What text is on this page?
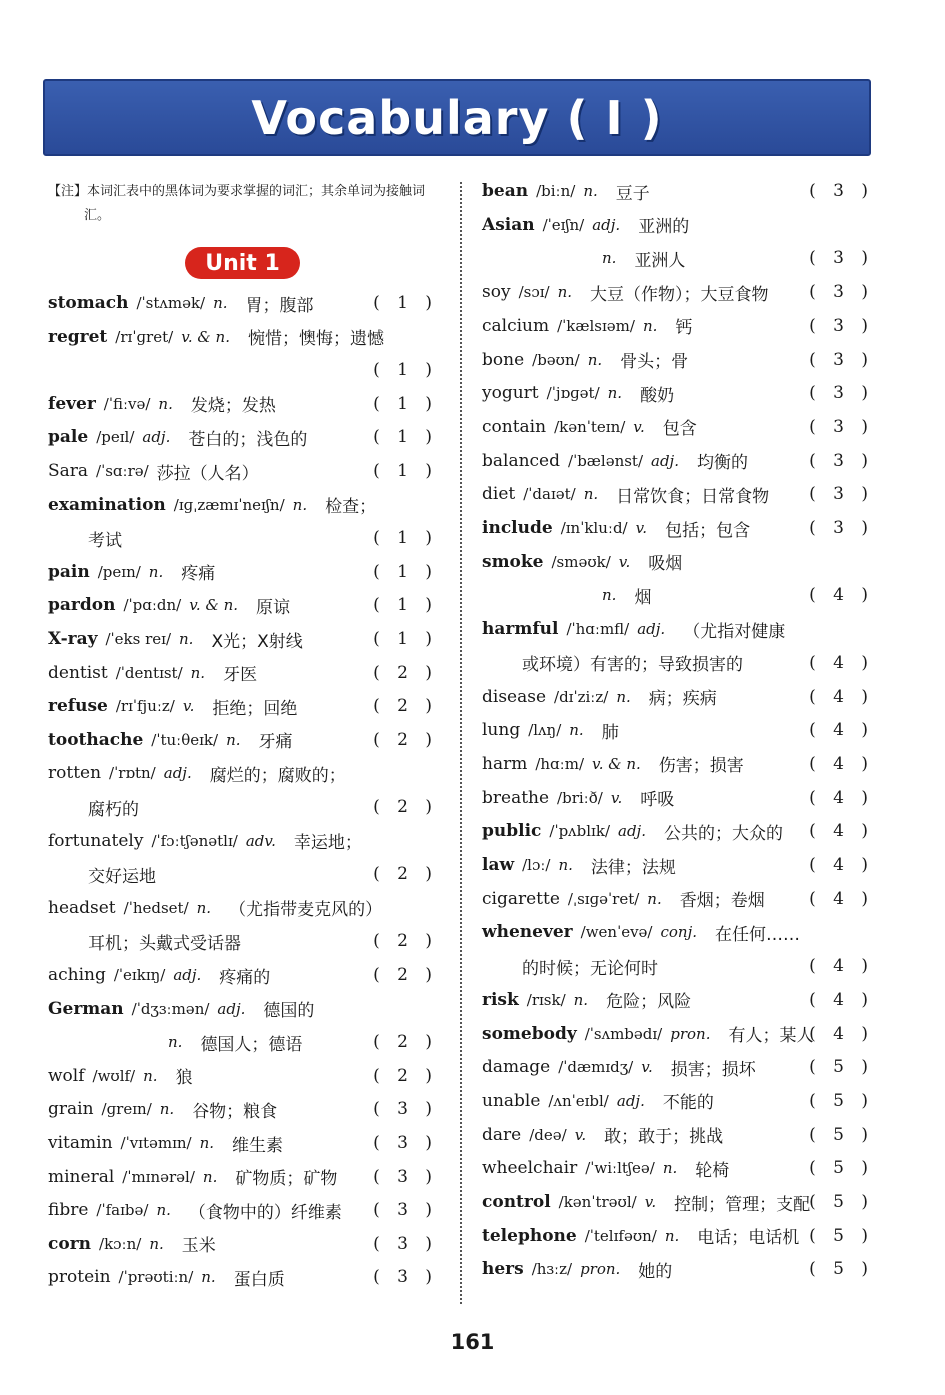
Vocabulary ( I )
【注】本词汇表中的黑体词为要求掌握的词汇；其余单词为接触词汇。
Unit 1
stomach /ˈstʌmək/ n. 胃；腹部	( 1 )
regret /rɪˈɡret/ v. & n. 惋惜；懊悔；遗憾
( 1 )
fever /ˈfiːvə/ n. 发烧；发热	( 1 )
pale /peɪl/ adj. 苍白的；浅色的	( 1 )
Sara /ˈsɑːrə/ 莎拉（人名）	( 1 )
examination /ɪɡˌzæmɪˈneɪʃn/ n. 检查；
考试	( 1 )
pain /peɪn/ n. 疼痛	( 1 )
pardon /ˈpɑːdn/ v. & n. 原谅	( 1 )
X-ray /ˈeks reɪ/ n. X光；X射线	( 1 )
dentist /ˈdentɪst/ n. 牙医	( 2 )
refuse /rɪˈfjuːz/ v. 拒绝；回绝	( 2 )
toothache /ˈtuːθeɪk/ n. 牙痛	( 2 )
rotten /ˈrɒtn/ adj. 腐烂的；腐败的；
腐朽的	( 2 )
fortunately /ˈfɔːtʃənətlɪ/ adv. 幸运地；
交好运地	( 2 )
headset /ˈhedset/ n. （尤指带麦克风的）
耳机；头戴式受话器	( 2 )
aching /ˈeɪkɪŋ/ adj. 疼痛的	( 2 )
German /ˈdʒɜːmən/ adj. 德国的
n. 德国人；德语	( 2 )
wolf /wʊlf/ n. 狼	( 2 )
grain /ɡreɪn/ n. 谷物；粮食	( 3 )
vitamin /ˈvɪtəmɪn/ n. 维生素	( 3 )
mineral /ˈmɪnərəl/ n. 矿物质；矿物 ( 3 )
fibre /ˈfaɪbə/ n. （食物中的）纤维素 ( 3 )
corn /kɔːn/ n. 玉米	( 3 )
protein /ˈprəʊtiːn/ n. 蛋白质	( 3 )
bean /biːn/ n. 豆子	( 3 )
Asian /ˈeɪʃn/ adj. 亚洲的
n. 亚洲人	( 3 )
soy /sɔɪ/ n. 大豆（作物）；大豆食物 ( 3 )
calcium /ˈkælsɪəm/ n. 钙	( 3 )
bone /bəʊn/ n. 骨头；骨	( 3 )
yogurt /ˈjɒɡət/ n. 酸奶	( 3 )
contain /kənˈteɪn/ v. 包含	( 3 )
balanced /ˈbælənst/ adj. 均衡的	( 3 )
diet /ˈdaɪət/ n. 日常饮食；日常食物 ( 3 )
include /ɪnˈkluːd/ v. 包括；包含	( 3 )
smoke /sməʊk/ v. 吸烟
n. 烟	( 4 )
harmful /ˈhɑːmfl/ adj. （尤指对健康
或环境）有害的；导致损害的	( 4 )
disease /dɪˈziːz/ n. 病；疾病	( 4 )
lung /lʌŋ/ n. 肺	( 4 )
harm /hɑːm/ v. & n. 伤害；损害	( 4 )
breathe /briːð/ v. 呼吸	( 4 )
public /ˈpʌblɪk/ adj. 公共的；大众的 ( 4 )
law /lɔː/ n. 法律；法规	( 4 )
cigarette /ˌsɪɡəˈret/ n. 香烟；卷烟	( 4 )
whenever /wenˈevə/ conj. 在任何……
的时候；无论何时	( 4 )
risk /rɪsk/ n. 危险；风险	( 4 )
somebody /ˈsʌmbədɪ/ pron. 有人；某人
( 4 )
damage /ˈdæmɪdʒ/ v. 损害；损坏	( 5 )
unable /ʌnˈeɪbl/ adj. 不能的	( 5 )
dare /deə/ v. 敢；敢于；挑战	( 5 )
wheelchair /ˈwiːltʃeə/ n. 轮椅	( 5 )
control /kənˈtrəʊl/ v. 控制；管理；支配
( 5 )
telephone /ˈtelɪfəʊn/ n. 电话；电话机 ( 5 )
hers /hɜːz/ pron. 她的	( 5 )
161
